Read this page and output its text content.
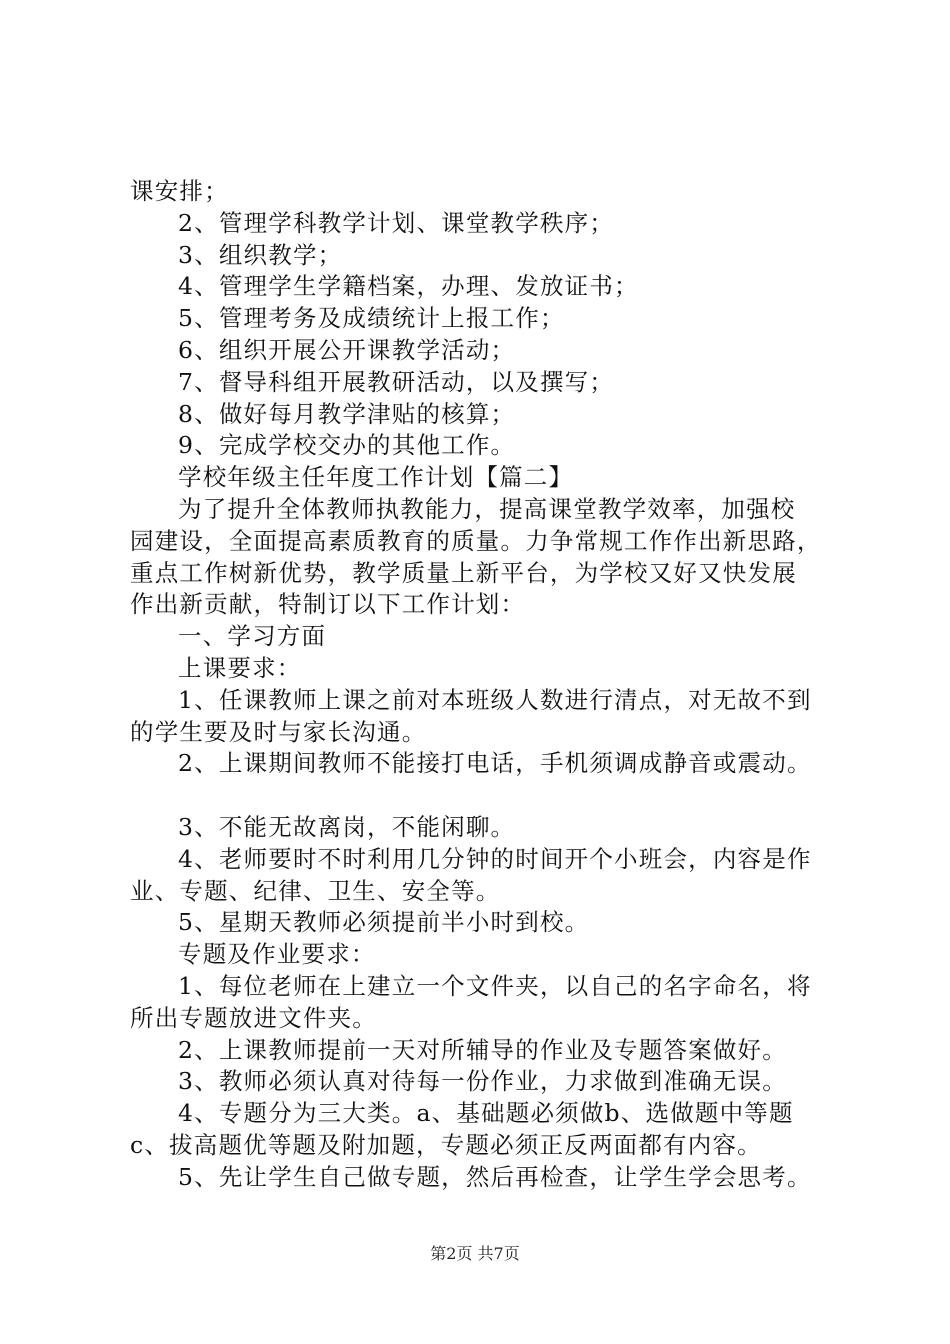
课安排；
2、管理学科教学计划、课堂教学秩序；
3、组织教学；
4、管理学生学籍档案，办理、发放证书；
5、管理考务及成绩统计上报工作；
6、组织开展公开课教学活动；
7、督导科组开展教研活动，以及撰写；
8、做好每月教学津贴的核算；
9、完成学校交办的其他工作。
学校年级主任年度工作计划【篇二】
为了提升全体教师执教能力，提高课堂教学效率，加强校
园建设，全面提高素质教育的质量。力争常规工作作出新思路，
重点工作树新优势，教学质量上新平台，为学校又好又快发展
作出新贡献，特制订以下工作计划：
一、学习方面
上课要求：
1、任课教师上课之前对本班级人数进行清点，对无故不到
的学生要及时与家长沟通。
2、上课期间教师不能接打电话，手机须调成静音或震动。
3、不能无故离岗，不能闲聊。
4、老师要时不时利用几分钟的时间开个小班会，内容是作
业、专题、纪律、卫生、安全等。
5、星期天教师必须提前半小时到校。
专题及作业要求：
1、每位老师在上建立一个文件夹，以自己的名字命名，将
所出专题放进文件夹。
2、上课教师提前一天对所辅导的作业及专题答案做好。
3、教师必须认真对待每一份作业，力求做到准确无误。
4、专题分为三大类。a、基础题必须做b、选做题中等题
c、拔高题优等题及附加题，专题必须正反两面都有内容。
5、先让学生自己做专题，然后再检查，让学生学会思考。
第2页 共7页
